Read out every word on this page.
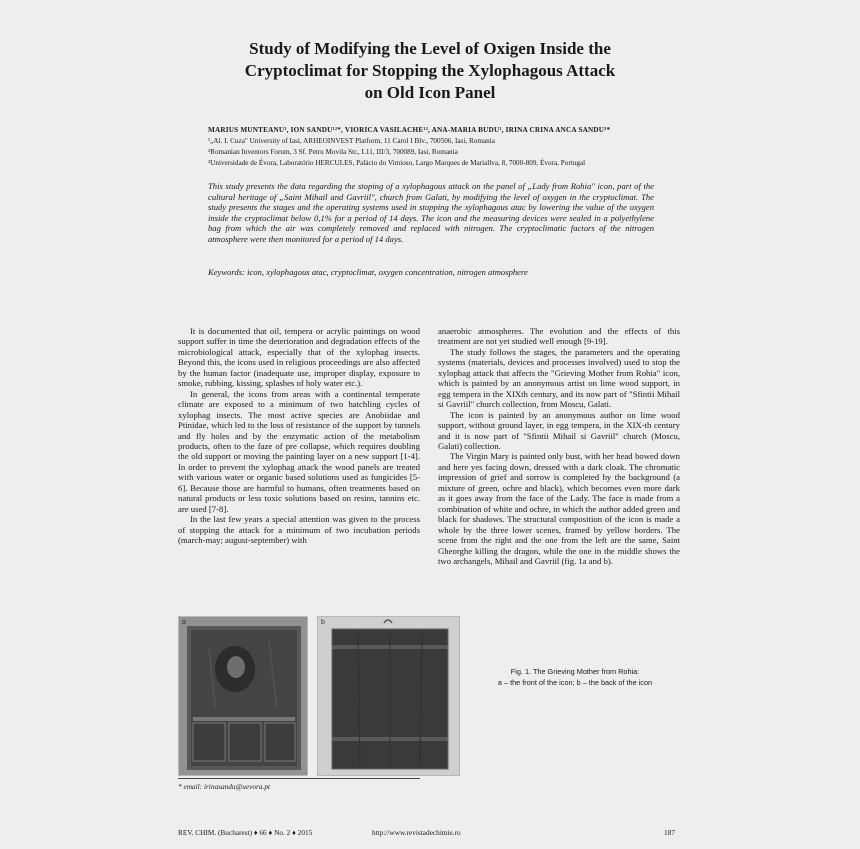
Study of Modifying the Level of Oxigen Inside the
Cryptoclimat for Stopping the Xylophagous Attack
on Old Icon Panel
MARIUS MUNTEANU¹, ION SANDU¹²*, VIORICA VASILACHE¹², ANA-MARIA BUDU¹, IRINA CRINA ANCA SANDU³*
¹„Al. I. Cuza" University of Iasi, ARHEOINVEST Platform, 11 Carol I Blv., 700506, Iasi, Romania
²Romanian Inventors Forum, 3 Sf. Petru Movila Str., L11, III/3, 700089, Iasi, Romania
³Universidade de Évora, Laboratório HERCULES, Palácio do Vimioso, Largo Marques de Mariallva, 8, 7000-809, Évora, Portugal
This study presents the data regarding the stoping of a xylophagous attack on the panel of „Lady from Rohia" icon, part of the cultural heritage of „Saint Mihail and Gavriil", church from Galati, by modifying the level of oxygen in the cryptoclimat. The study presents the stages and the operating systems used in stopping the xylophagous atac by lowering the value of the oxygen inside the cryptoclimat below 0,1% for a period of 14 days. The icon and the measuring devices were sealed in a polyethylene bag from which the air was completely removed and replaced with nitrogen. The cryptoclimatic factors of the nitrogen atmosphere were then monitored for a period of 14 days.
Keywords: icon, xylophagous atac, cryptoclimat, oxygen concentration, nitrogen atmosphere

It is documented that oil, tempera or acrylic paintings on wood support suffer in time the deterioration and degradation effects of the microbiological attack, especially that of the xylophag insects. Beyond this, the icons used in religious proceedings are also affected by the human factor (inadequate use, improper display, exposure to smoke, rubbing, kissing, splashes of holy water etc.).

In general, the icons from areas with a continental temperate climate are exposed to a minimum of two hatchling cycles of xylophag insects. The most active species are Anobiidae and Ptinidae, which led to the loss of resistance of the support by tunnels and fly holes and by the enzymatic action of the metabolism products, often to the faze of pre collapse, which requires doubling the old support or moving the painting layer on a new support [1-4]. In order to prevent the xylophag attack the wood panels are treated with various water or organic based solutions used as fungicides [5-6]. Because those are harmful to humans, often treatments based on natural products or less toxic solutions based on resins, tannins etc. are used [7-8].

In the last few years a special attention was given to the process of stopping the attack for a minimum of two incubation periods (march-may; august-september) with

anaerobic atmospheres. The evolution and the effects of this treatment are not yet studied well enough [9-19].

The study follows the stages, the parameters and the operating systems (materials, devices and processes involved) used to stop the xylophag attack that affects the "Grieving Mother from Rohia" icon, which is painted by an anonymous artist on lime wood support, in egg tempera in the XIXth century, and its now part of "Sfintii Mihail si Gavriil" church collection, from Moscu, Galati.

The icon is painted by an anonymous author on lime wood support, without ground layer, in egg tempera, in the XIX-th century and it is now part of "Sfintii Mihail si Gavriil" church (Moscu, Galati) collection.

The Virgin Mary is painted only bust, with her head bowed down and here yes facing down, dressed with a dark cloak. The chromatic impression of grief and sorrow is completed by the background (a mixture of green, ochre and black), which becomes even more dark as it goes away from the face of the Lady. The face is made from a combination of white and ochre, in which the author added green and black for shadows. The structural composition of the icon is made a whole by the three lower scenes, framed by yellow borders. The scene from the right and the one from the left are the same, Saint Gheorghe killing the dragon, while the one in the middle shows the two archangels, Mihail and Gavriil (fig. 1a and b).

a	b
Fig. 1. The Grieving Mother from Rohia:
a – the front of the icon; b – the back of the icon
* email: irinasandu@uevora.pt
REV. CHIM. (Bucharest) ♦ 66 ♦ No. 2 ♦ 2015	http://www.revistadechimie.ro	187
